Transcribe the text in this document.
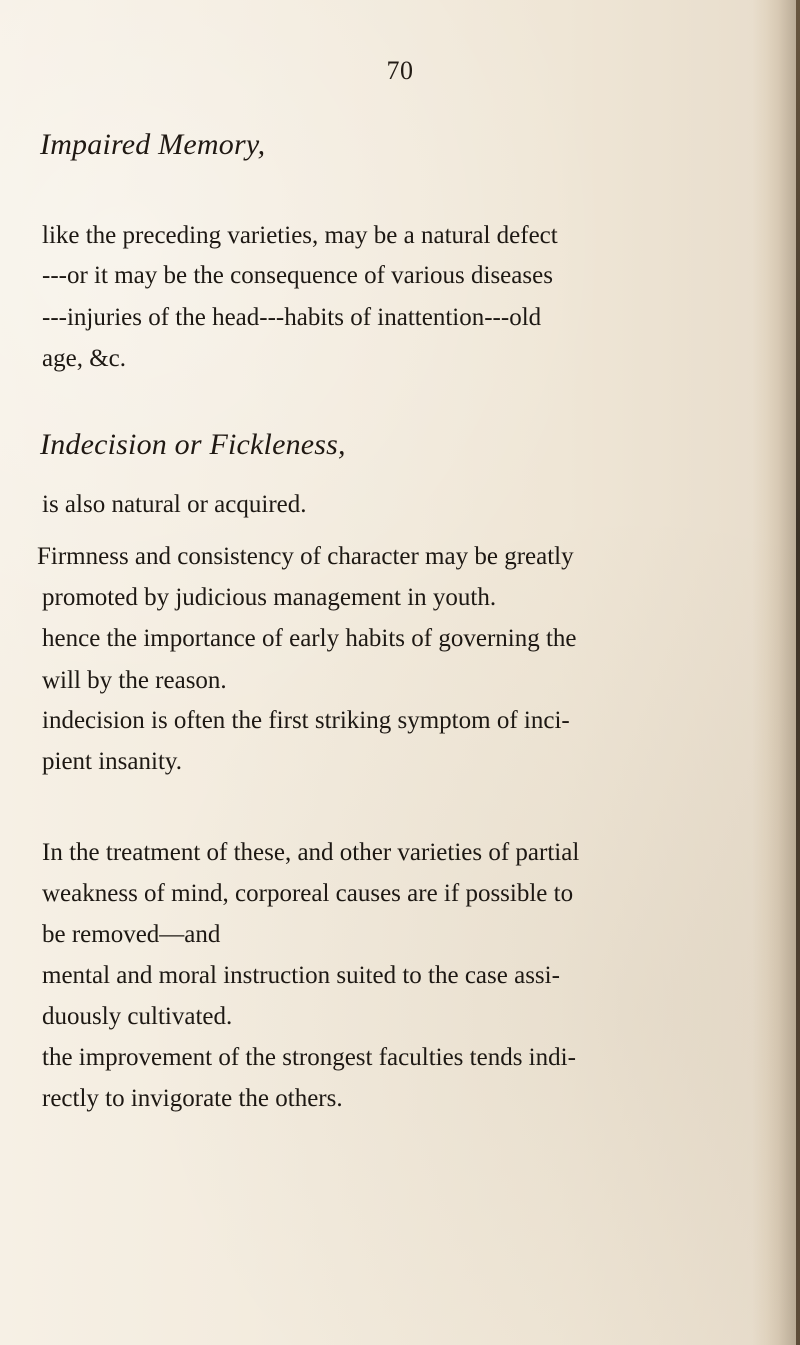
70
Impaired Memory,
like the preceding varieties, may be a natural defect
---or it may be the consequence of various diseases
---injuries of the head---habits of inattention---old
age, &c.
Indecision or Fickleness,
is also natural or acquired.
Firmness and consistency of character may be greatly
promoted by judicious management in youth.
hence the importance of early habits of governing the
will by the reason.
indecision is often the first striking symptom of inci-
pient insanity.
In the treatment of these, and other varieties of partial
weakness of mind, corporeal causes are if possible to
be removed—and
mental and moral instruction suited to the case assi-
duously cultivated.
the improvement of the strongest faculties tends indi-
rectly to invigorate the others.
